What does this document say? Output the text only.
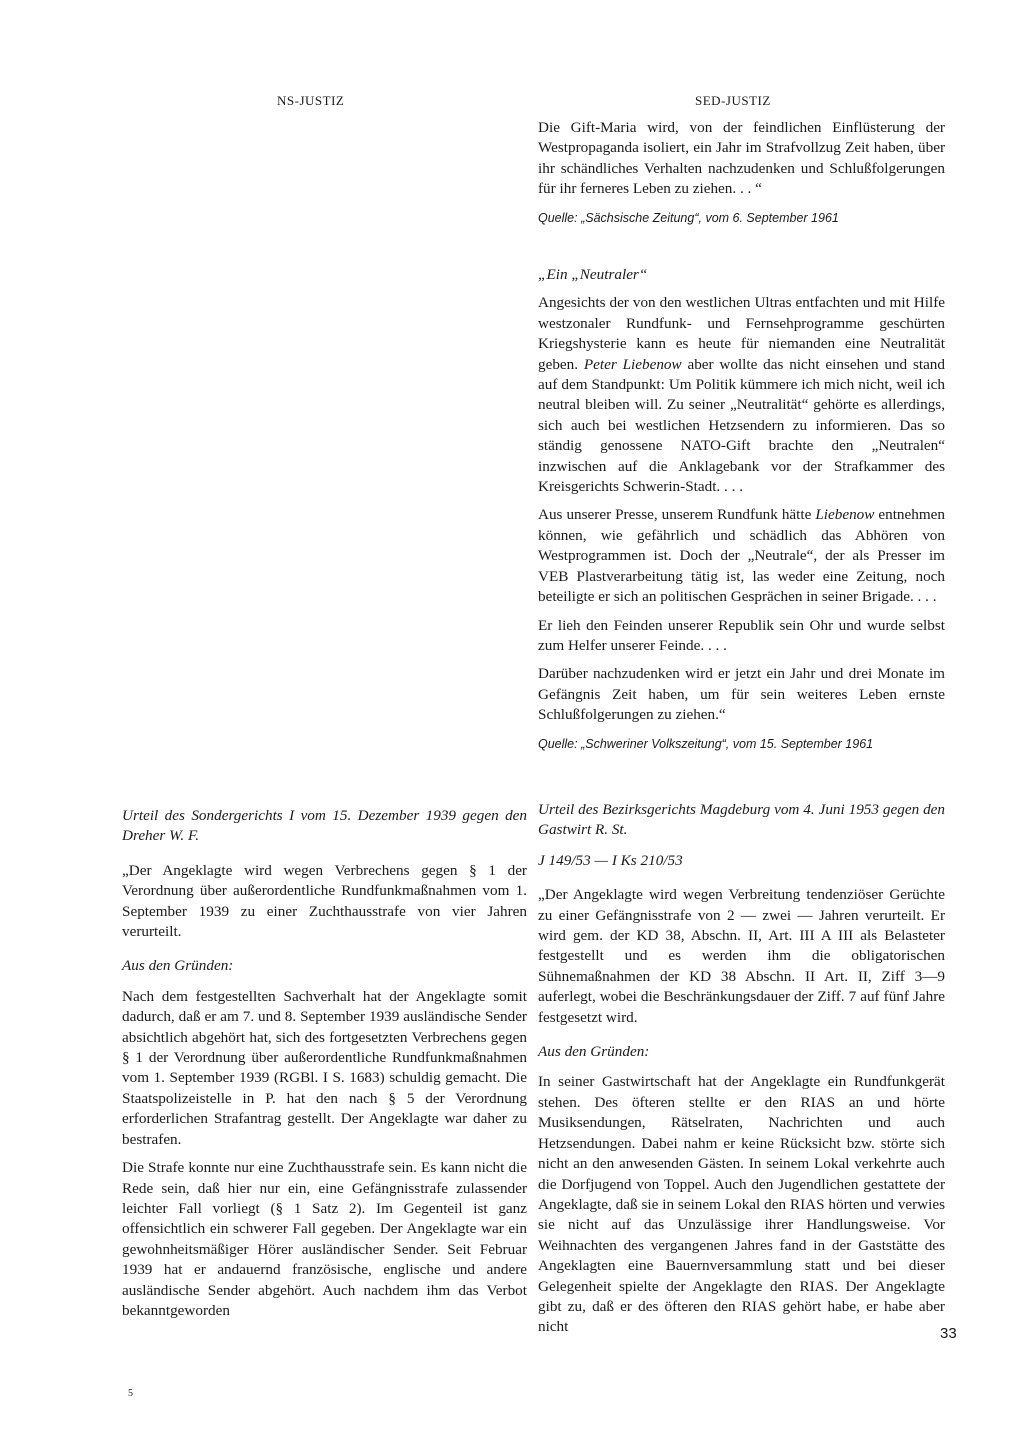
NS-JUSTIZ	SED-JUSTIZ

Die Gift-Maria wird, von der feindlichen Einflüsterung der Westpropaganda isoliert, ein Jahr im Strafvollzug Zeit haben, über ihr schändliches Verhalten nachzudenken und Schlußfolgerungen für ihr ferneres Leben zu ziehen. . . “

Quelle: „Sächsische Zeitung“, vom 6. September 1961
„Ein „Neutraler“

Angesichts der von den westlichen Ultras entfachten und mit Hilfe westzonaler Rundfunk- und Fernsehprogramme geschürten Kriegshysterie kann es heute für niemanden eine Neutralität geben. Peter Liebenow aber wollte das nicht einsehen und stand auf dem Standpunkt: Um Politik kümmere ich mich nicht, weil ich neutral bleiben will. Zu seiner „Neutralität“ gehörte es allerdings, sich auch bei westlichen Hetzsendern zu informieren. Das so ständig genossene NATO-Gift brachte den „Neutralen“ inzwischen auf die Anklagebank vor der Strafkammer des Kreisgerichts Schwerin-Stadt. . . .

Aus unserer Presse, unserem Rundfunk hätte Liebenow entnehmen können, wie gefährlich und schädlich das Abhören von Westprogrammen ist. Doch der „Neutrale“, der als Presser im VEB Plastverarbeitung tätig ist, las weder eine Zeitung, noch beteiligte er sich an politischen Gesprächen in seiner Brigade. . . .

Er lieh den Feinden unserer Republik sein Ohr und wurde selbst zum Helfer unserer Feinde. . . .

Darüber nachzudenken wird er jetzt ein Jahr und drei Monate im Gefängnis Zeit haben, um für sein weiteres Leben ernste Schlußfolgerungen zu ziehen.“

Quelle: „Schweriner Volkszeitung“, vom 15. September 1961

Urteil des Sondergerichts I vom 15. Dezember 1939 gegen den Dreher W. F.

„Der Angeklagte wird wegen Verbrechens gegen § 1 der Verordnung über außerordentliche Rundfunkmaßnahmen vom 1. September 1939 zu einer Zuchthausstrafe von vier Jahren verurteilt.

Aus den Gründen:

Nach dem festgestellten Sachverhalt hat der Angeklagte somit dadurch, daß er am 7. und 8. September 1939 ausländische Sender absichtlich abgehört hat, sich des fortgesetzten Verbrechens gegen § 1 der Verordnung über außerordentliche Rundfunkmaßnahmen vom 1. September 1939 (RGBl. I S. 1683) schuldig gemacht. Die Staatspolizeistelle in P. hat den nach § 5 der Verordnung erforderlichen Strafantrag gestellt. Der Angeklagte war daher zu bestrafen.

Die Strafe konnte nur eine Zuchthausstrafe sein. Es kann nicht die Rede sein, daß hier nur ein, eine Gefängnisstrafe zulassender leichter Fall vorliegt (§ 1 Satz 2). Im Gegenteil ist ganz offensichtlich ein schwerer Fall gegeben. Der Angeklagte war ein gewohnheitsmäßiger Hörer ausländischer Sender. Seit Februar 1939 hat er andauernd französische, englische und andere ausländische Sender abgehört. Auch nachdem ihm das Verbot bekanntgeworden

Urteil des Bezirksgerichts Magdeburg vom 4. Juni 1953 gegen den Gastwirt R. St.

J 149/53 — I Ks 210/53

„Der Angeklagte wird wegen Verbreitung tendenziöser Gerüchte zu einer Gefängnisstrafe von 2 — zwei — Jahren verurteilt. Er wird gem. der KD 38, Abschn. II, Art. III A III als Belasteter festgestellt und es werden ihm die obligatorischen Sühnemaßnahmen der KD 38 Abschn. II Art. II, Ziff 3—9 auferlegt, wobei die Beschränkungsdauer der Ziff. 7 auf fünf Jahre festgesetzt wird.

Aus den Gründen:

In seiner Gastwirtschaft hat der Angeklagte ein Rundfunkgerät stehen. Des öfteren stellte er den RIAS an und hörte Musiksendungen, Rätselraten, Nachrichten und auch Hetzsendungen. Dabei nahm er keine Rücksicht bzw. störte sich nicht an den anwesenden Gästen. In seinem Lokal verkehrte auch die Dorfjugend von Toppel. Auch den Jugendlichen gestattete der Angeklagte, daß sie in seinem Lokal den RIAS hörten und verwies sie nicht auf das Unzulässige ihrer Handlungsweise. Vor Weihnachten des vergangenen Jahres fand in der Gaststätte des Angeklagten eine Bauernversammlung statt und bei dieser Gelegenheit spielte der Angeklagte den RIAS. Der Angeklagte gibt zu, daß er des öfteren den RIAS gehört habe, er habe aber nicht	33
5
